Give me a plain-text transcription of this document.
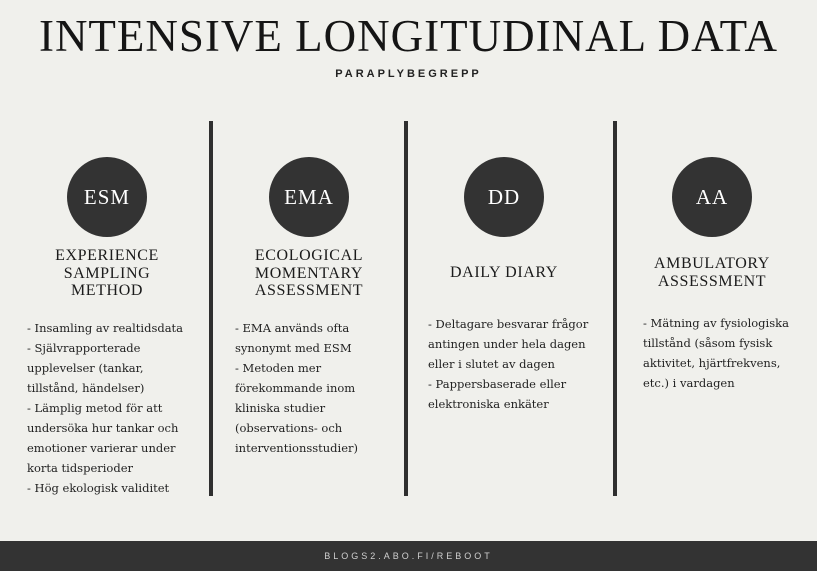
INTENSIVE LONGITUDINAL DATA
PARAPLYBEGREPP
ESM
EXPERIENCE
SAMPLING
METHOD
- Insamling av realtidsdata
- Självrapporterade upplevelser (tankar, tillstånd, händelser)
- Lämplig metod för att undersöka hur tankar och emotioner varierar under korta tidsperioder
- Hög ekologisk validitet
EMA
ECOLOGICAL
MOMENTARY
ASSESSMENT
- EMA används ofta synonymt med ESM
- Metoden mer förekommande inom kliniska studier (observations- och interventionsstudier)
DD
DAILY DIARY
- Deltagare besvarar frågor antingen under hela dagen eller i slutet av dagen
- Pappersbaserade eller elektroniska enkäter
AA
AMBULATORY
ASSESSMENT
- Mätning av fysiologiska tillstånd (såsom fysisk aktivitet, hjärtfrekvens, etc.) i vardagen
BLOGS2.ABO.FI/REBOOT
